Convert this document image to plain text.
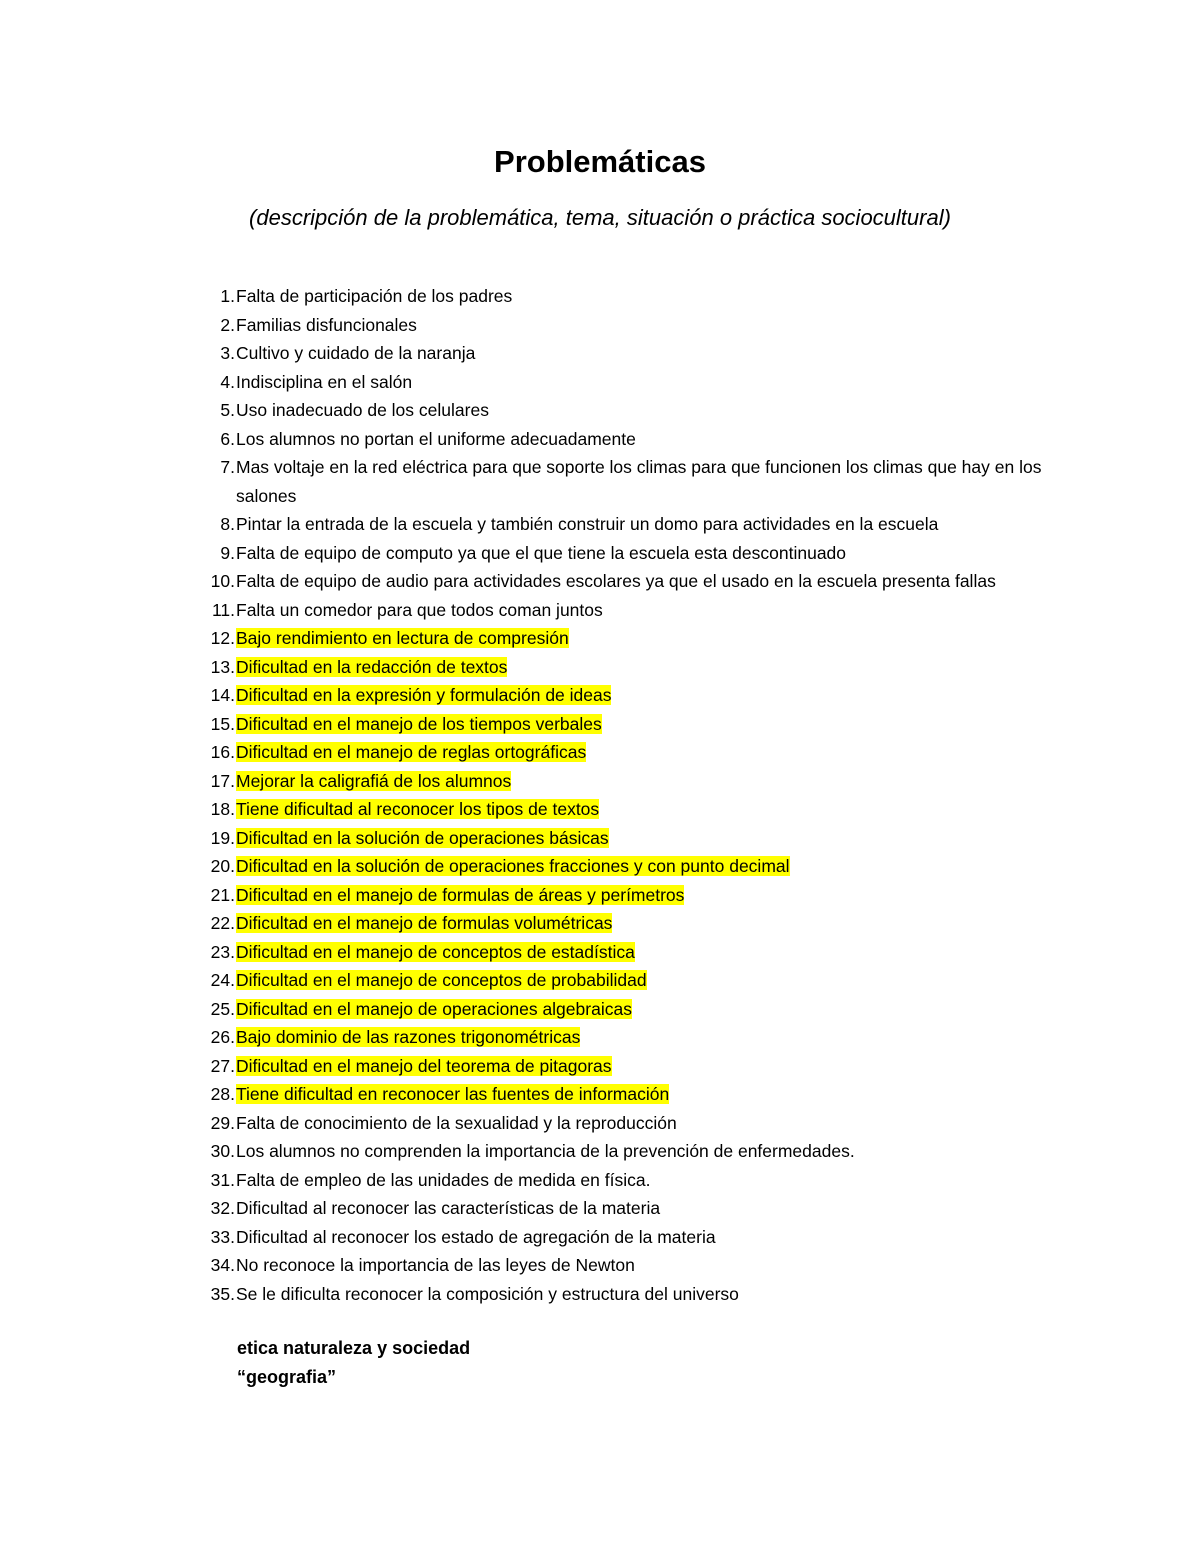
Problemáticas

(descripción de la problemática, tema, situación o práctica sociocultural)

1 . Falta de participación de los padres
2 . Familias disfuncionales
3 . Cultivo y cuidado de la naranja
4 . Indisciplina en el salón
5 . Uso inadecuado de los celulares
6 . Los alumnos no portan el uniforme adecuadamente
7 . Mas voltaje en la red eléctrica para que soporte los climas para que funcionen los climas que hay en los salones
8 . Pintar la entrada de la escuela y también construir un domo para actividades en la escuela
9 . Falta de equipo de computo ya que el que tiene la escuela esta descontinuado
10 . Falta de equipo de audio para actividades escolares ya que el usado en la escuela presenta fallas
11 . Falta un comedor para que todos coman juntos
12 . Bajo rendimiento en lectura de compresión
13 . Dificultad en la redacción de textos
14 . Dificultad en la expresión y formulación de ideas
15 . Dificultad en el manejo de los tiempos verbales
16 . Dificultad en el manejo de reglas ortográficas
17 . Mejorar la caligrafiá de los alumnos
18 . Tiene dificultad al reconocer los tipos de textos
19 . Dificultad en la solución de operaciones básicas
20 . Dificultad en la solución de operaciones fracciones y con punto decimal
21 . Dificultad en el manejo de formulas de áreas y perímetros
22 . Dificultad en el manejo de formulas volumétricas
23 . Dificultad en el manejo de conceptos de estadística
24 . Dificultad en el manejo de conceptos de probabilidad
25 . Dificultad en el manejo de operaciones algebraicas
26 . Bajo dominio de las razones trigonométricas
27 . Dificultad en el manejo del teorema de pitagoras
28 . Tiene dificultad en reconocer las fuentes de información
29 . Falta de conocimiento de la sexualidad y la reproducción
30 . Los alumnos no comprenden la importancia de la prevención de enfermedades.
31 . Falta de empleo de las unidades de medida en física.
32 . Dificultad al reconocer las características de la materia
33 . Dificultad al reconocer los estado de agregación de la materia
34 . No reconoce la importancia de las leyes de Newton
35 . Se le dificulta reconocer la composición y estructura del universo

etica naturaleza y sociedad

“geografia”
